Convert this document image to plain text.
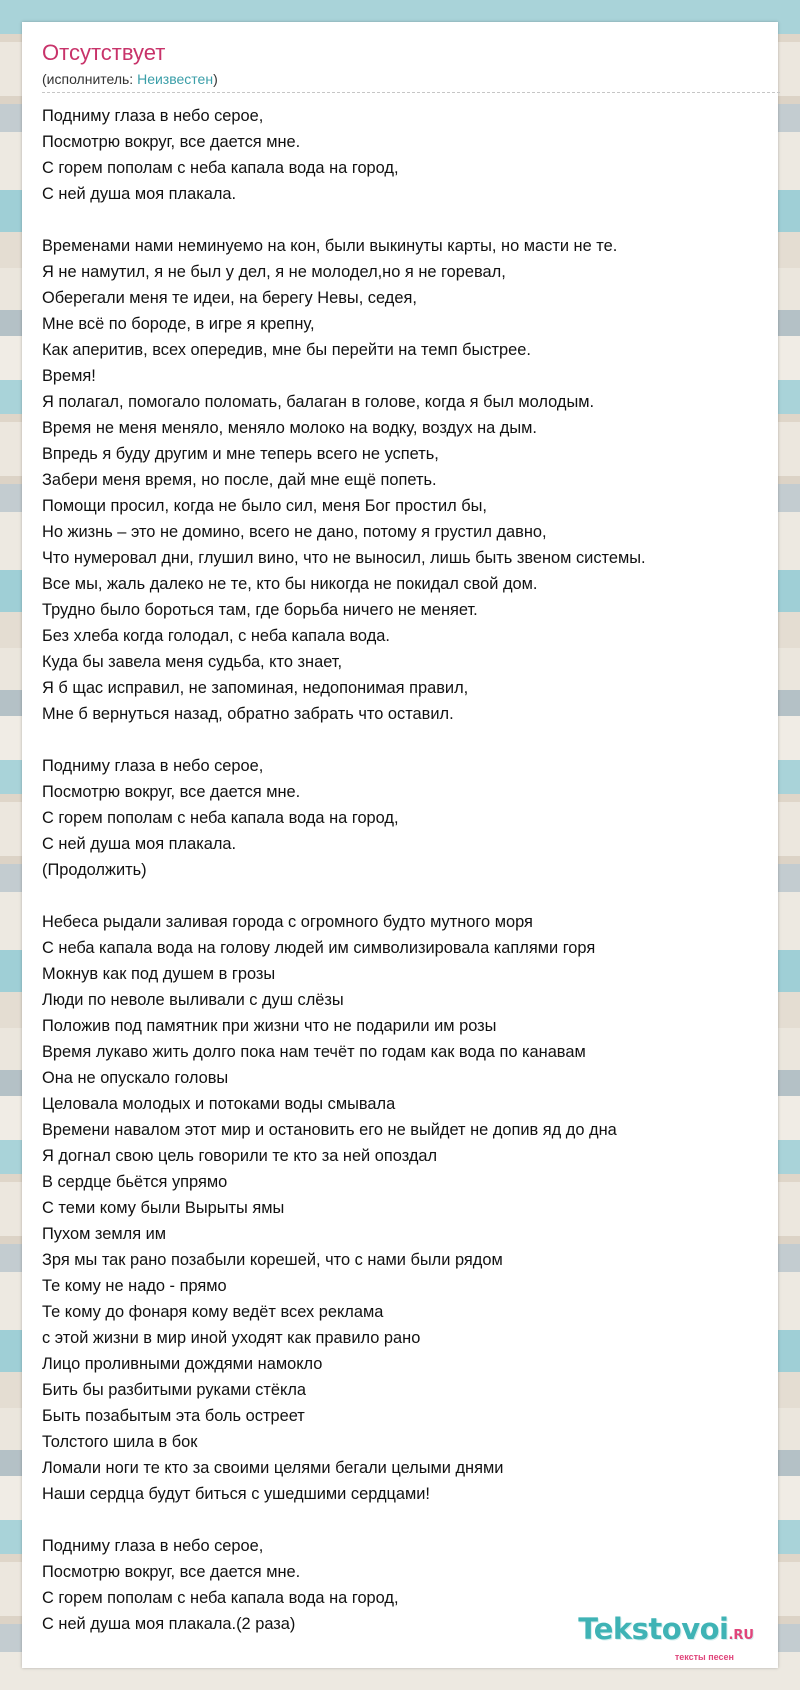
Отсутствует
(исполнитель: Неизвестен)
Подниму глаза в небо серое,
Посмотрю вокруг, все дается мне.
С горем пополам с неба капала вода на город,
С ней душа моя плакала.
Временами нами неминуемо на кон, были выкинуты карты, но масти не те.
Я не намутил, я не был у дел, я не молодел,но я не горевал,
Оберегали меня те идеи, на берегу Невы, седея,
Мне всё по бороде, в игре я крепну,
Как аперитив, всех опередив, мне бы перейти на темп быстрее.
Время!
Я полагал, помогало поломать, балаган в голове, когда я был молодым.
Время не меня меняло, меняло молоко на водку, воздух на дым.
Впредь я буду другим и мне теперь всего не успеть,
Забери меня время, но после, дай мне ещё попеть.
Помощи просил, когда не было сил, меня Бог простил бы,
Но жизнь – это не домино, всего не дано, потому я грустил давно,
Что нумеровал дни, глушил вино, что не выносил, лишь быть звеном системы.
Все мы, жаль далеко не те, кто бы никогда не покидал свой дом.
Трудно было бороться там, где борьба ничего не меняет.
Без хлеба когда голодал, с неба капала вода.
Куда бы завела меня судьба, кто знает,
Я б щас исправил, не запоминая, недопонимая правил,
Мне б вернуться назад, обратно забрать что оставил.
Подниму глаза в небо серое,
Посмотрю вокруг, все дается мне.
С горем пополам с неба капала вода на город,
С ней душа моя плакала.
(Продолжить)
Небеса рыдали заливая города с огромного будто мутного моря
С неба капала вода на голову людей им символизировала каплями горя
Мокнув как под душем в грозы
Люди по неволе выливали с душ слёзы
Положив под памятник при жизни что не подарили им розы
Время лукаво жить долго пока нам течёт по годам как вода по канавам
Она не опускало головы
Целовала молодых и потоками воды смывала
Времени навалом этот мир и остановить его не выйдет не допив яд до дна
Я догнал свою цель говорили те кто за ней опоздал
В сердце бьётся упрямо
С теми кому были Вырыты ямы
Пухом земля им
Зря мы так рано позабыли корешей, что с нами были рядом
Те кому не надо - прямо
Те кому до фонаря кому ведёт всех реклама
с этой жизни в мир иной уходят как правило рано
Лицо проливными дождями намокло
Бить бы разбитыми руками стёкла
Быть позабытым эта боль остреет
Толстого шила в бок
Ломали ноги те кто за своими целями бегали целыми днями
Наши сердца будут биться с ушедшими сердцами!
Подниму глаза в небо серое,
Посмотрю вокруг, все дается мне.
С горем пополам с неба капала вода на город,
С ней душа моя плакала.(2 раза)	Tekstovoi.RU
тексты песен
